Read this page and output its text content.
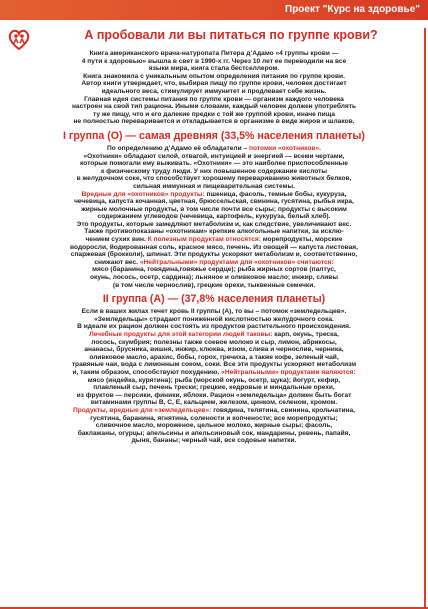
Проект "Курс на здоровье"
А пробовали ли вы питаться по группе крови?

Книга американского врача-натуропата Питера д’Адамо «4 группы крови —

4 пути к здоровью» вышла в свет в 1990-х гг. Через 10 лет ее переводили на все

языки мира, книга стала бестселлером.

Книга знакомила с уникальным опытом определения питания по группе крови.

Автор книги утверждает, что, выбирая пищу по группе крови, человек достигает

идеального веса, стимулирует иммунитет и продлевает себе жизнь.

Главная идея системы питания по группе крови — организм каждого человека

настроен на свой тип рациона. Иными словами, каждый человек должен употреблять

ту же пищу, что и его далекие предки с той же группой крови, иначе пища

не полностью переваривается и откладывается в организме в виде жиров и шлаков.

I группа (О) — самая древняя (33,5% населения планеты)

По определению д’Адамо её обладатели – потомки «охотников».

«Охотники» обладают силой, отвагой, интуицией и энергией — всеми чертами,

которые помогали ему выживать. «Охотники» — это наиболее приспособленные

к физическому труду люди. У них повышенное содержание кислоты

в желудочном соке, что способствует хорошему перевариванию животных белков,

сильная иммунная и пищеварительная системы.

Вредные для «охотников» продукты: пшеница, фасоль, темные бобы, кукуруза,

чечевица, капуста кочанная, цветная, брюссельская, свинина, гусятина, рыбья икра,

жирные молочные продукты, в том числе почти все сыры; продукты с высоким

содержанием углеводов (чечевица, картофель, кукуруза, белый хлеб).

Это продукты, которые замедляют метаболизм и, как следствие, увеличивают вес.

Также противопоказаны «охотникам» крепкие алкогольные напитки, за исклю-

чением сухих вин. К полезным продуктам относятся: морепродукты, морские

водоросли, йодированная соль, красное мясо, печень. Из овощей — капуста листовая,

спаржевая (брокколи), шпинат. Эти продукты ускоряют метаболизм и, соответственно,

снижают вес. «Нейтральными» продуктами для «охотников» считаются:

мясо (баранина, говядина,говяжье сердце); рыба жирных сортов (палтус,

окунь, лосось, осетр, сардина); льняное и оливковое масло; инжир, сливы

(в том числе чернослив), грецкие орехи, тыквенные семечки.

II группа (А) — (37,8% населения планеты)

Если в ваших жилах течет кровь II группы (А), то вы – потомок «земледельцев».

«Земледельцы» страдают пониженной кислотностью желудочного сока.

В идеале их рацион должен состоять из продуктов растительного происхождения.

Лечебные продукты для этой категории людей таковы: карп, окунь, треска,

лосось, скумбрия; полезны также соевое молоко и сыр, лимон, абрикосы,

ананасы, брусника, вишня, инжир, клюква, изюм, слива и чернослив, черника,

оливковое масло, арахис, бобы, горох, гречиха, а также кофе, зеленый чай,

травяные чаи, вода с лимонным соком, соки. Все эти продукты ускоряют метаболизм

и, таким образом, способствуют похудению. «Нейтральными» продуктами являются:

мясо (индейка, курятина); рыба (морской окунь, осетр, щука); йогурт, кефир,

плавленый сыр, печень трески; грецкие, кедровые и миндальные орехи,

из фруктов — персики, финики, яблоки. Рацион «земледельца» должен быть богат

витаминами группы В, С, Е, кальцием, железом, цинком, селеном, хромом.

Продукты, вредные для «земледельцев»: говядина, телятина, свинина, крольчатина,

гусятина, баранина, ягнятина, солености и копчености; все морепродукты;

сливочное масло, мороженое, цельное молоко, жирные сыры; фасоль,

баклажаны, огурцы; апельсины и апельсиновый сок, мандарины, ревень, папайя,

дыня, бананы; черный чай, все содовые напитки.
